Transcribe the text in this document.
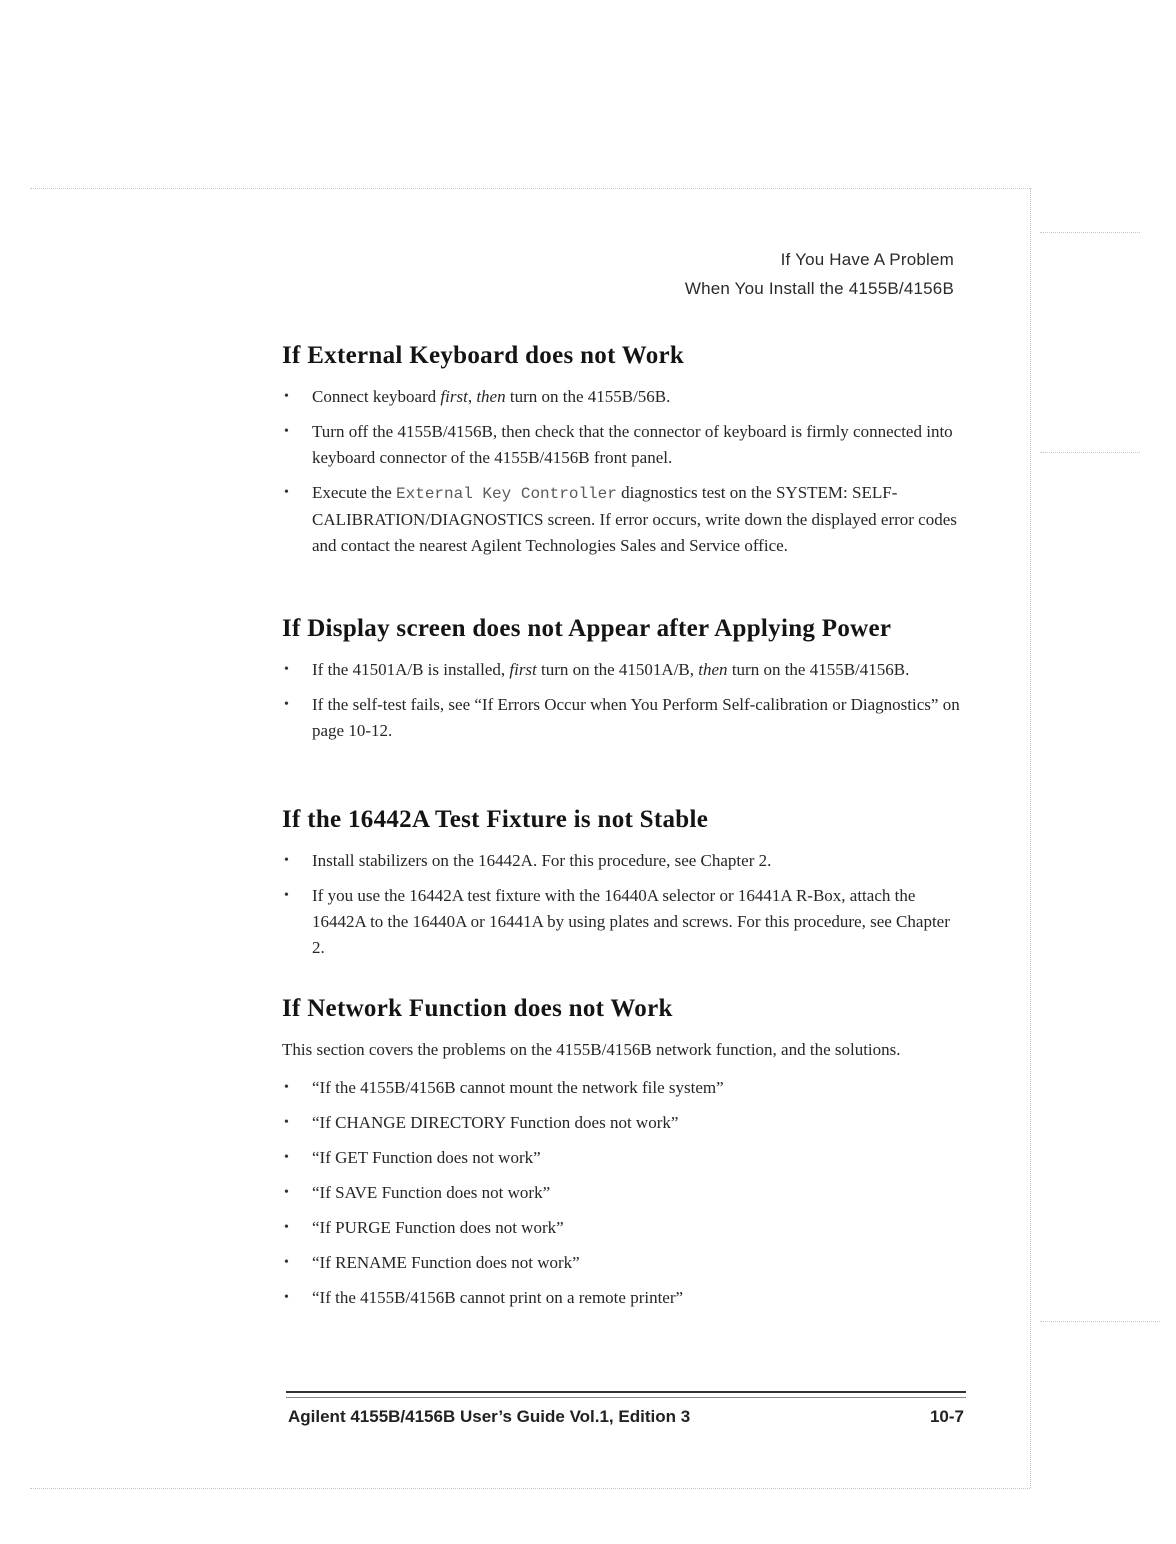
If You Have A Problem
When You Install the 4155B/4156B
If External Keyboard does not Work
• Connect keyboard first, then turn on the 4155B/56B.
• Turn off the 4155B/4156B, then check that the connector of keyboard is firmly connected into keyboard connector of the 4155B/4156B front panel.
• Execute the External Key Controller diagnostics test on the SYSTEM: SELF-CALIBRATION/DIAGNOSTICS screen. If error occurs, write down the displayed error codes and contact the nearest Agilent Technologies Sales and Service office.
If Display screen does not Appear after Applying Power
• If the 41501A/B is installed, first turn on the 41501A/B, then turn on the 4155B/4156B.
• If the self-test fails, see “If Errors Occur when You Perform Self-calibration or Diagnostics” on page 10-12.
If the 16442A Test Fixture is not Stable
• Install stabilizers on the 16442A. For this procedure, see Chapter 2.
• If you use the 16442A test fixture with the 16440A selector or 16441A R-Box, attach the 16442A to the 16440A or 16441A by using plates and screws. For this procedure, see Chapter 2.
If Network Function does not Work

This section covers the problems on the 4155B/4156B network function, and the solutions.

• “If the 4155B/4156B cannot mount the network file system”
• “If CHANGE DIRECTORY Function does not work”
• “If GET Function does not work”
• “If SAVE Function does not work”
• “If PURGE Function does not work”
• “If RENAME Function does not work”
• “If the 4155B/4156B cannot print on a remote printer”
Agilent 4155B/4156B User’s Guide Vol.1, Edition 3	10-7
